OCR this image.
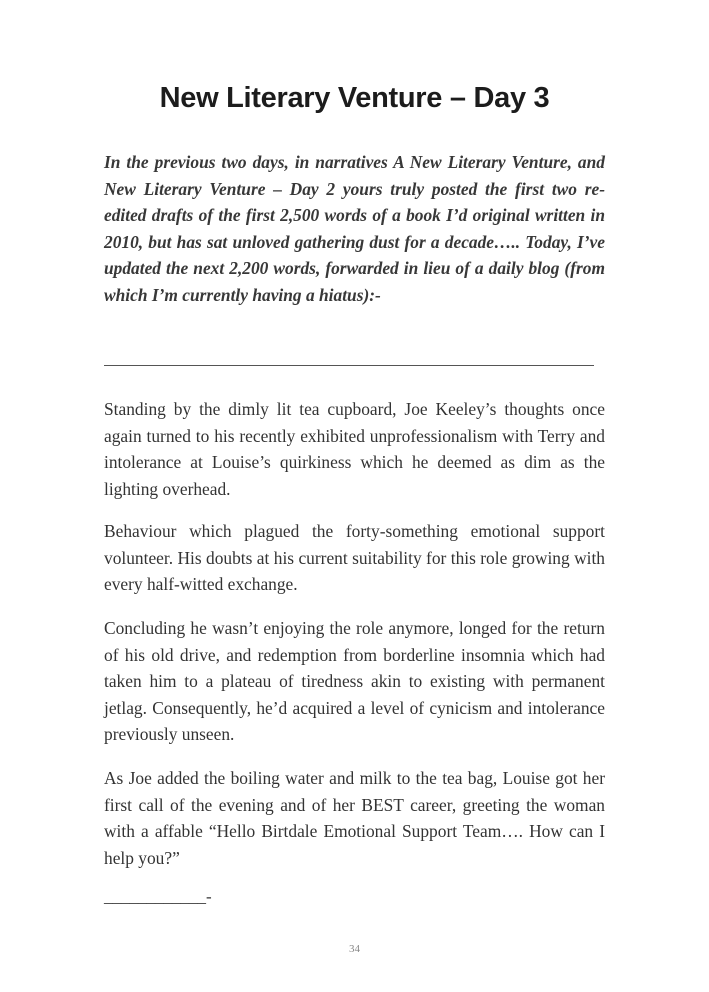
New Literary Venture – Day 3

In the previous two days, in narratives A New Literary Venture, and New Literary Venture – Day 2 yours truly posted the first two re-edited drafts of the first 2,500 words of a book I’d original written in 2010, but has sat unloved gathering dust for a decade….. Today, I’ve updated the next 2,200 words, forwarded in lieu of a daily blog (from which I’m currently having a hiatus):-

Standing by the dimly lit tea cupboard, Joe Keeley’s thoughts once again turned to his recently exhibited unprofessionalism with Terry and intolerance at Louise’s quirkiness which he deemed as dim as the lighting overhead.

Behaviour which plagued the forty-something emotional support volunteer. His doubts at his current suitability for this role growing with every half-witted exchange.

Concluding he wasn’t enjoying the role anymore, longed for the return of his old drive, and redemption from borderline insomnia which had taken him to a plateau of tiredness akin to existing with permanent jetlag. Consequently, he’d acquired a level of cynicism and intolerance previously unseen.

As Joe added the boiling water and milk to the tea bag, Louise got her first call of the evening and of her BEST career, greeting the woman with a affable “Hello Birtdale Emotional Support Team…. How can I help you?”

____________-

34
